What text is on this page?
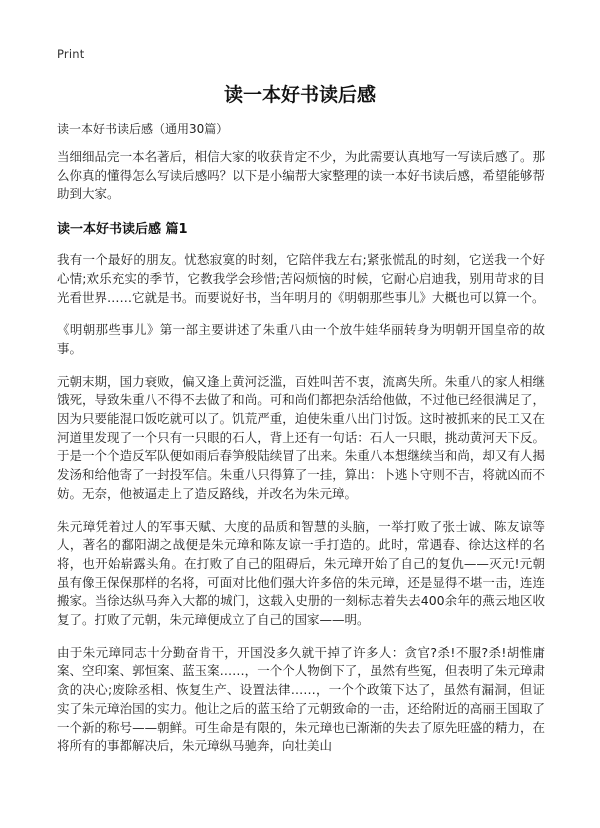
Print
读一本好书读后感

读一本好书读后感（通用30篇）

当细细品完一本名著后，相信大家的收获肯定不少，为此需要认真地写一写读后感了。那么你真的懂得怎么写读后感吗？以下是小编帮大家整理的读一本好书读后感，希望能够帮助到大家。

读一本好书读后感 篇1

我有一个最好的朋友。忧愁寂寞的时刻，它陪伴我左右;紧张慌乱的时刻，它送我一个好心情;欢乐充实的季节，它教我学会珍惜;苦闷烦恼的时候，它耐心启迪我，别用苛求的目光看世界……它就是书。而要说好书，当年明月的《明朝那些事儿》大概也可以算一个。

《明朝那些事儿》第一部主要讲述了朱重八由一个放牛娃华丽转身为明朝开国皇帝的故事。

元朝末期，国力衰败，偏又逢上黄河泛滥，百姓叫苦不衷，流离失所。朱重八的家人相继饿死，导致朱重八不得不去做了和尚。可和尚们都把杂活给他做，不过他已经很满足了，因为只要能混口饭吃就可以了。饥荒严重，迫使朱重八出门讨饭。这时被抓来的民工又在河道里发现了一个只有一只眼的石人，背上还有一句话：石人一只眼，挑动黄河天下反。于是一个个造反军队便如雨后春笋般陆续冒了出来。朱重八本想继续当和尚，却又有人揭发汤和给他寄了一封投军信。朱重八只得算了一挂，算出：卜逃卜守则不吉，将就凶而不妨。无奈，他被逼走上了造反路线，并改名为朱元璋。

朱元璋凭着过人的军事天赋、大度的品质和智慧的头脑，一举打败了张士诚、陈友谅等人，著名的鄱阳湖之战便是朱元璋和陈友谅一手打造的。此时，常遇春、徐达这样的名将，也开始崭露头角。在打败了自己的阻碍后，朱元璋开始了自己的复仇——灭元!元朝虽有像王保保那样的名将，可面对比他们强大许多倍的朱元璋，还是显得不堪一击，连连搬家。当徐达纵马奔入大都的城门，这载入史册的一刻标志着失去400余年的燕云地区收复了。打败了元朝，朱元璋便成立了自己的国家——明。

由于朱元璋同志十分勤奋肯干，开国没多久就干掉了许多人：贪官?杀!不服?杀!胡惟庸案、空印案、郭恒案、蓝玉案……，一个个人物倒下了，虽然有些冤，但表明了朱元璋肃贪的决心;废除丞相、恢复生产、设置法律……，一个个政策下达了，虽然有漏洞，但证实了朱元璋治国的实力。他让之后的蓝玉给了元朝致命的一击，还给附近的高丽王国取了一个新的称号——朝鲜。可生命是有限的，朱元璋也已渐渐的失去了原先旺盛的精力，在将所有的事都解决后，朱元璋纵马驰奔，向壮美山
